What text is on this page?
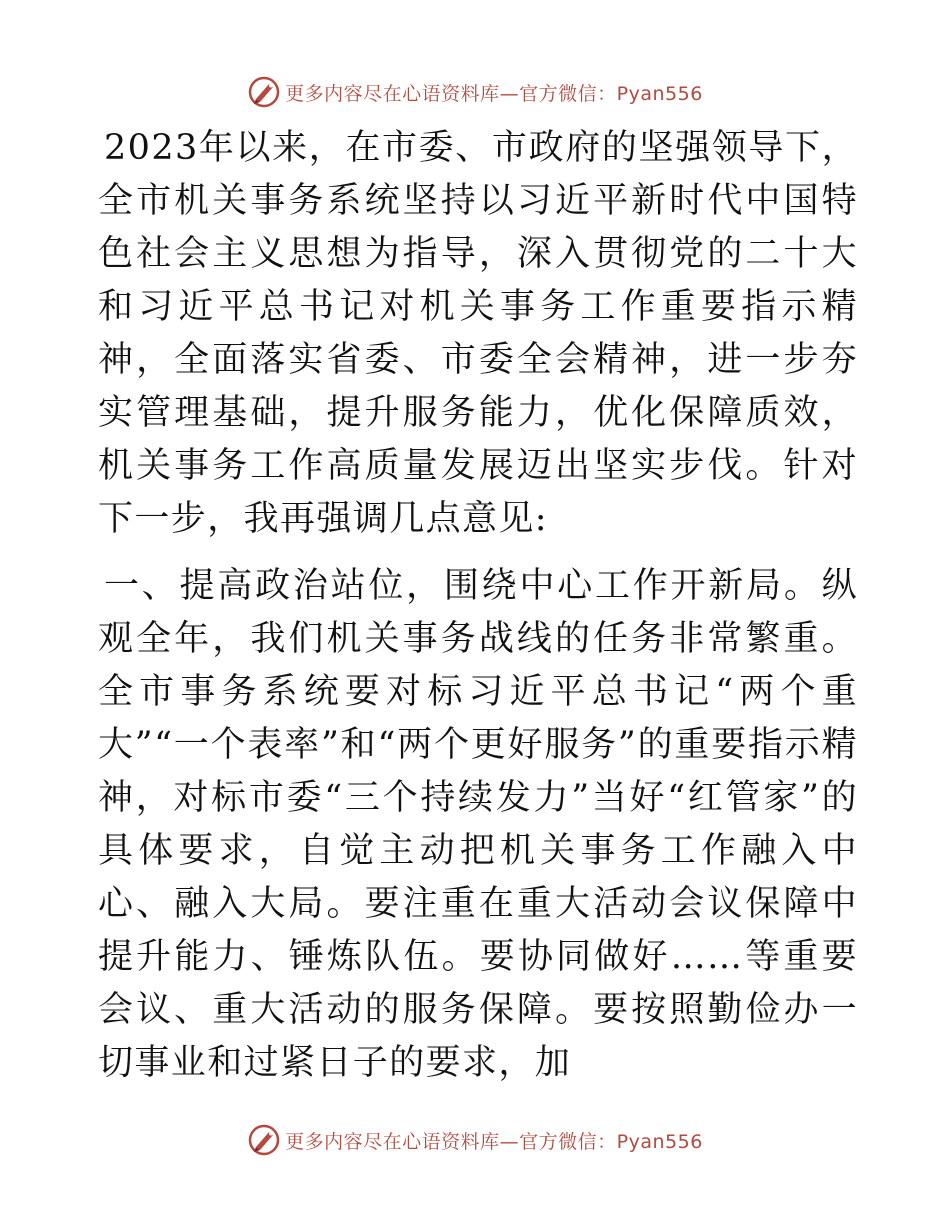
更多内容尽在心语资料库—官方微信：Pyan556

2023年以来，在市委、市政府的坚强领导下，全市机关事务系统坚持以习近平新时代中国特色社会主义思想为指导，深入贯彻党的二十大和习近平总书记对机关事务工作重要指示精神，全面落实省委、市委全会精神，进一步夯实管理基础，提升服务能力，优化保障质效，机关事务工作高质量发展迈出坚实步伐。针对下一步，我再强调几点意见:

一、提高政治站位，围绕中心工作开新局。纵观全年，我们机关事务战线的任务非常繁重。全市事务系统要对标习近平总书记“两个重大”“一个表率”和“两个更好服务”的重要指示精神，对标市委“三个持续发力”当好“红管家”的具体要求，自觉主动把机关事务工作融入中心、融入大局。要注重在重大活动会议保障中提升能力、锤炼队伍。要协同做好……等重要会议、重大活动的服务保障。要按照勤俭办一切事业和过紧日子的要求，加

更多内容尽在心语资料库—官方微信：Pyan556
